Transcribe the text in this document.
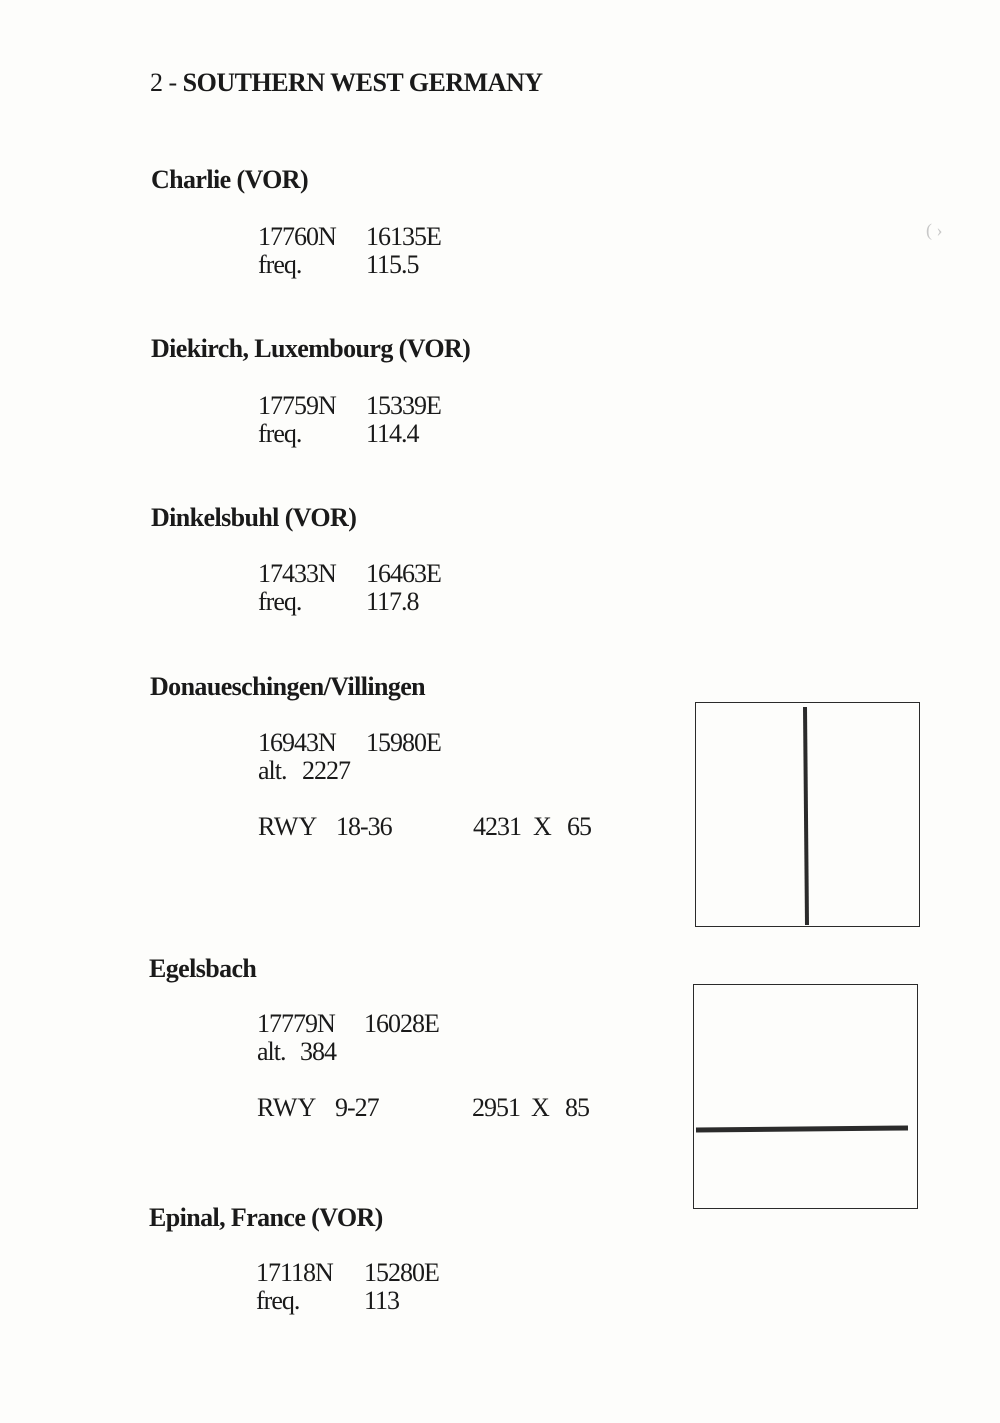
2 - SOUTHERN WEST GERMANY
Charlie (VOR)
17760N 16135E
freq. 115.5
Diekirch, Luxembourg (VOR)
17759N 15339E
freq. 114.4
Dinkelsbuhl (VOR)
17433N 16463E
freq. 117.8
Donaueschingen/Villingen
16943N 15980E
alt. 2227
RWY 18-36	4231 X 65
Egelsbach
17779N 16028E
alt. 384
RWY 9-27	2951 X 85
Epinal, France (VOR)
17118N 15280E
freq. 113
( ›
